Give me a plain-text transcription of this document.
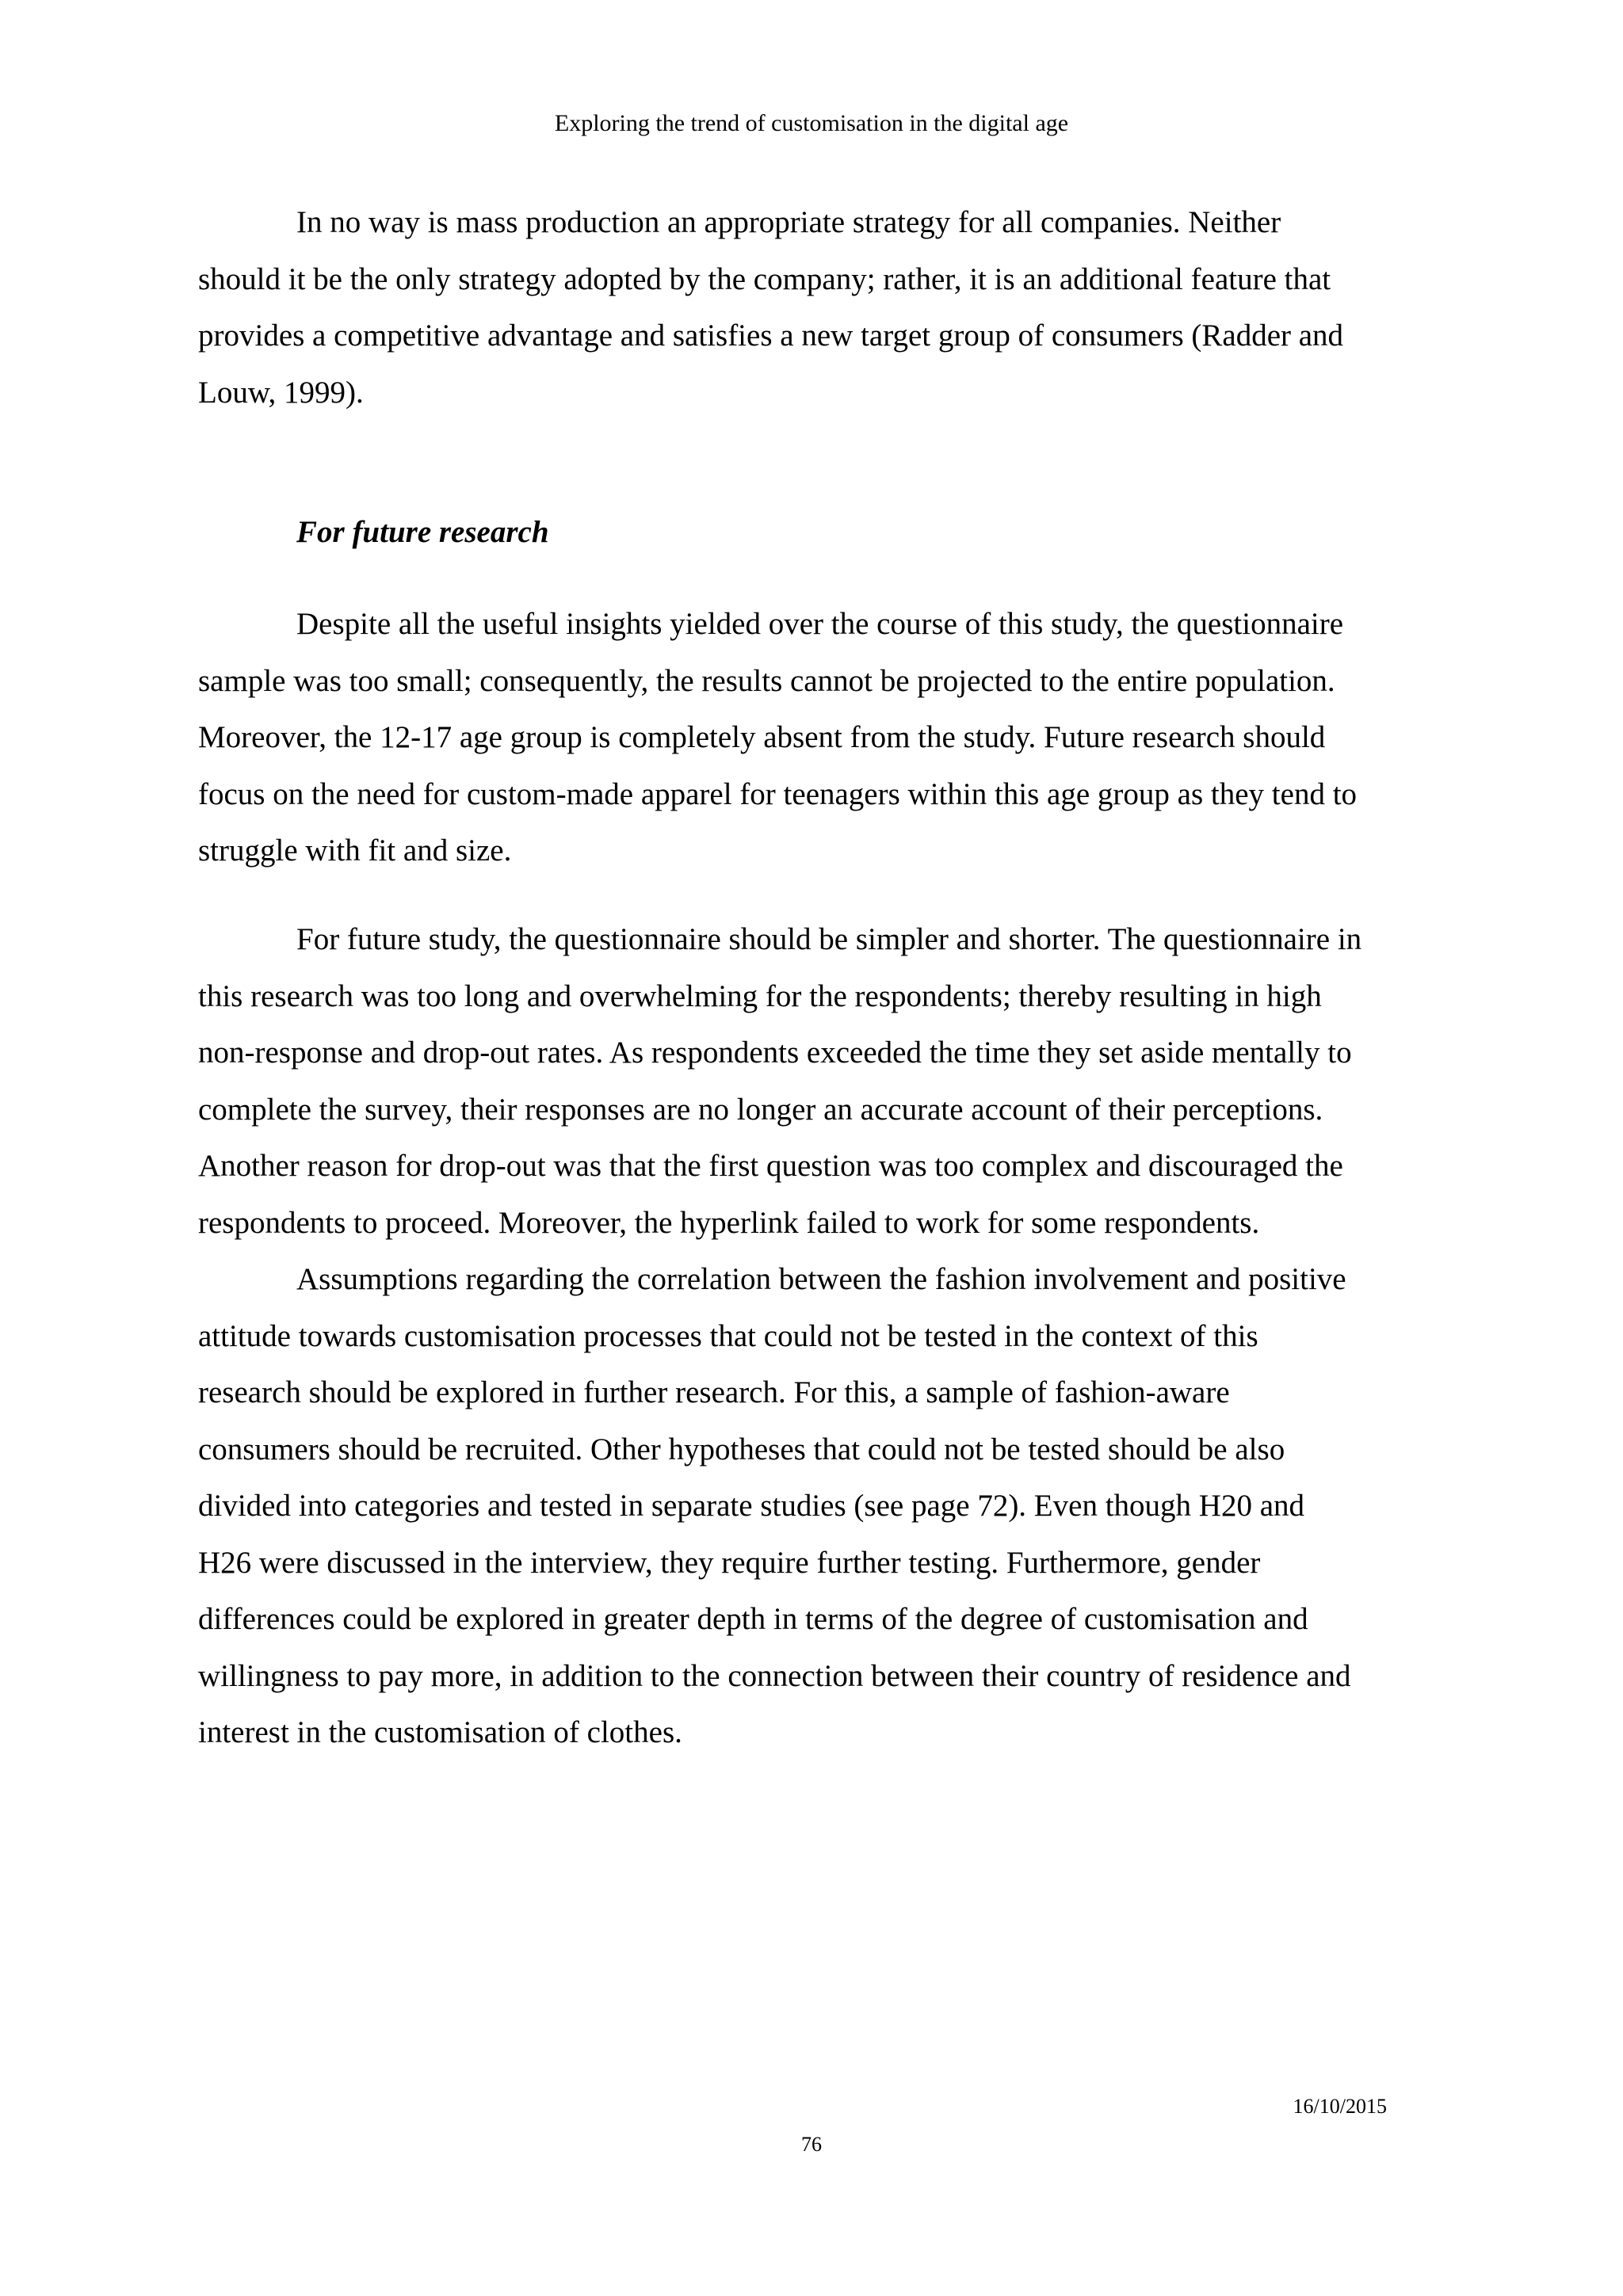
Exploring the trend of customisation in the digital age

In no way is mass production an appropriate strategy for all companies. Neither
should it be the only strategy adopted by the company; rather, it is an additional feature that
provides a competitive advantage and satisfies a new target group of consumers (Radder and
Louw, 1999).

For future research

Despite all the useful insights yielded over the course of this study, the questionnaire
sample was too small; consequently, the results cannot be projected to the entire population.
Moreover, the 12-17 age group is completely absent from the study. Future research should
focus on the need for custom-made apparel for teenagers within this age group as they tend to
struggle with fit and size.

For future study, the questionnaire should be simpler and shorter. The questionnaire in
this research was too long and overwhelming for the respondents; thereby resulting in high
non-response and drop-out rates. As respondents exceeded the time they set aside mentally to
complete the survey, their responses are no longer an accurate account of their perceptions.
Another reason for drop-out was that the first question was too complex and discouraged the
respondents to proceed. Moreover, the hyperlink failed to work for some respondents.

Assumptions regarding the correlation between the fashion involvement and positive
attitude towards customisation processes that could not be tested in the context of this
research should be explored in further research. For this, a sample of fashion-aware
consumers should be recruited. Other hypotheses that could not be tested should be also
divided into categories and tested in separate studies (see page 72). Even though H20 and
H26 were discussed in the interview, they require further testing. Furthermore, gender
differences could be explored in greater depth in terms of the degree of customisation and
willingness to pay more, in addition to the connection between their country of residence and
interest in the customisation of clothes.

16/10/2015
76
